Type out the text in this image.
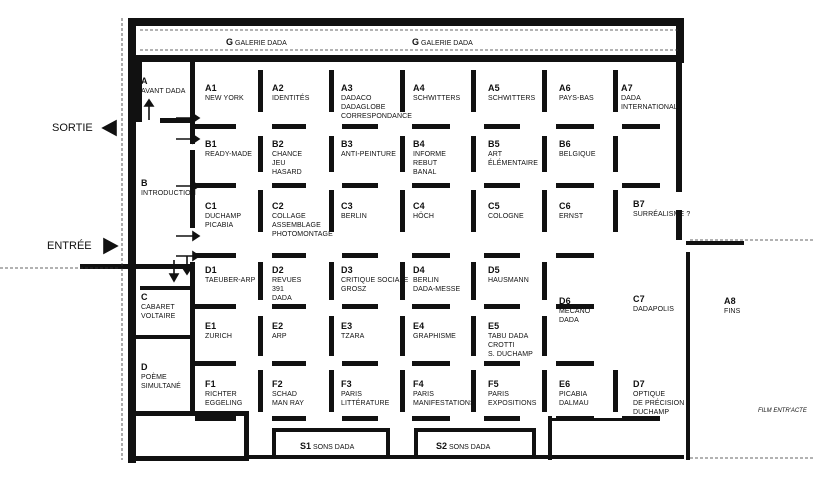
SORTIE
ENTRÉE
G GALERIE DADA	G GALERIE DADA
FILM ENTR'ACTE
A
AVANT DADA
B
INTRODUCTION
C
CABARET
VOLTAIRE
D
POÈME
SIMULTANÉ
A1
NEW YORK
A2
IDENTITÉS
A3
DADACO
DADAGLOBE
CORRESPONDANCE
A4
SCHWITTERS
A5
SCHWITTERS
A6
PAYS-BAS
A7
DADA
INTERNATIONAL
B1
READY-MADE
B2
CHANCE
JEU
HASARD
B3
ANTI-PEINTURE
B4
INFORME
REBUT
BANAL
B5
ART
ÉLÉMENTAIRE
B6
BELGIQUE
B7
SURRÉALISME ?
C1
DUCHAMP
PICABIA
C2
COLLAGE
ASSEMBLAGE
PHOTOMONTAGE
C3
BERLIN
C4
HÖCH
C5
COLOGNE
C6
ERNST
D1
TAEUBER-ARP
D2
REVUES
391
DADA
D3
CRITIQUE SOCIALE
GROSZ
D4
BERLIN
DADA-MESSE
D5
HAUSMANN
D6
MÉCANO
DADA
D7
OPTIQUE
DE PRÉCISION
DUCHAMP
C7
DADAPOLIS
A8
FINS
E1
ZURICH
E2
ARP
E3
TZARA
E4
GRAPHISME
E5
TABU DADA
CROTTI
S. DUCHAMP
E6
PICABIA
DALMAU
F1
RICHTER
EGGELING
F2
SCHAD
MAN RAY
F3
PARIS
LITTÉRATURE
F4
PARIS
MANIFESTATIONS
F5
PARIS
EXPOSITIONS
S1 SONS DADA	S2 SONS DADA
